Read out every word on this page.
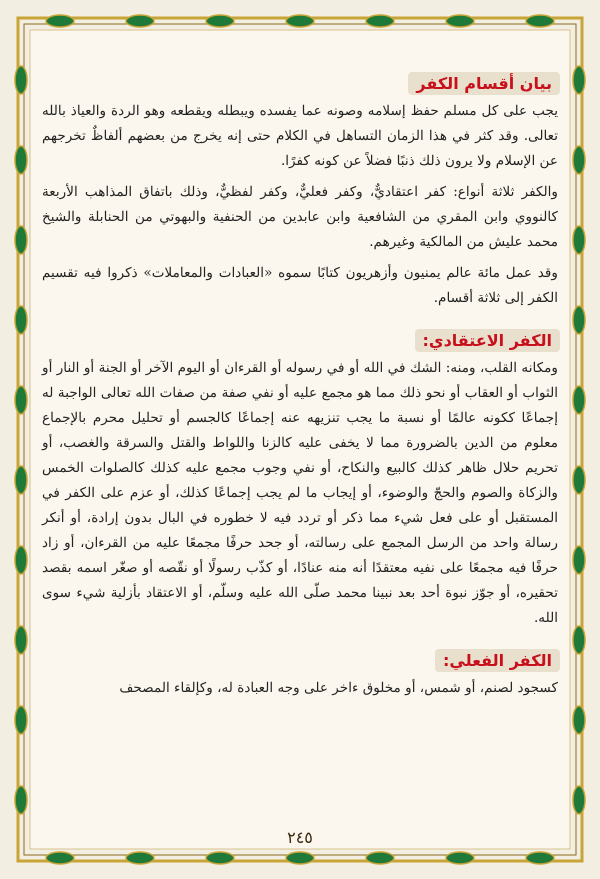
بيان أقسام الكفر

يجب على كل مسلم حفظ إسلامه وصونه عما يفسده ويبطله ويقطعه وهو الردة والعياذ بالله تعالى. وقد كثر في هذا الزمان التساهل في الكلام حتى إنه يخرج من بعضهم ألفاظٌ تخرجهم عن الإسلام ولا يرون ذلك ذنبًا فضلاً عن كونه كفرًا.

والكفر ثلاثة أنواع: كفر اعتقاديٌّ، وكفر فعليٌّ، وكفر لفظيٌّ، وذلك باتفاق المذاهب الأربعة كالنووي وابن المقري من الشافعية وابن عابدين من الحنفية والبهوتي من الحنابلة والشيخ محمد عليش من المالكية وغيرهم.

وقد عمل مائة عالم يمنيون وأزهريون كتابًا سموه «العبادات والمعاملات» ذكروا فيه تقسيم الكفر إلى ثلاثة أقسام.

الكفر الاعتقادي:

ومكانه القلب، ومنه: الشك في الله أو في رسوله أو القرءان أو اليوم الآخر أو الجنة أو النار أو الثواب أو العقاب أو نحو ذلك مما هو مجمع عليه أو نفي صفة من صفات الله تعالى الواجبة له إجماعًا ككونه عالمًا أو نسبة ما يجب تنزيهه عنه إجماعًا كالجسم أو تحليل محرم بالإجماع معلوم من الدين بالضرورة مما لا يخفى عليه كالزنا واللواط والقتل والسرقة والغصب، أو تحريم حلال ظاهر كذلك كالبيع والنكاح، أو نفي وجوب مجمع عليه كذلك كالصلوات الخمس والزكاة والصوم والحجّ والوضوء، أو إيجاب ما لم يجب إجماعًا كذلك، أو عزم على الكفر في المستقبل أو على فعل شيء مما ذكر أو تردد فيه لا خطوره في البال بدون إرادة، أو أنكر رسالة واحد من الرسل المجمع على رسالته، أو جحد حرفًا مجمعًا عليه من القرءان، أو زاد حرفًا فيه مجمعًا على نفيه معتقدًا أنه منه عنادًا، أو كذّب رسولًا أو نقّصه أو صغّر اسمه بقصد تحقيره، أو جوّز نبوة أحد بعد نبينا محمد صلّى الله عليه وسلّم، أو الاعتقاد بأزلية شيء سوى الله.

الكفر الفعلي:

كسجود لصنم، أو شمس، أو مخلوق ءاخر على وجه العبادة له، وكإلقاء المصحف

٢٤٥
